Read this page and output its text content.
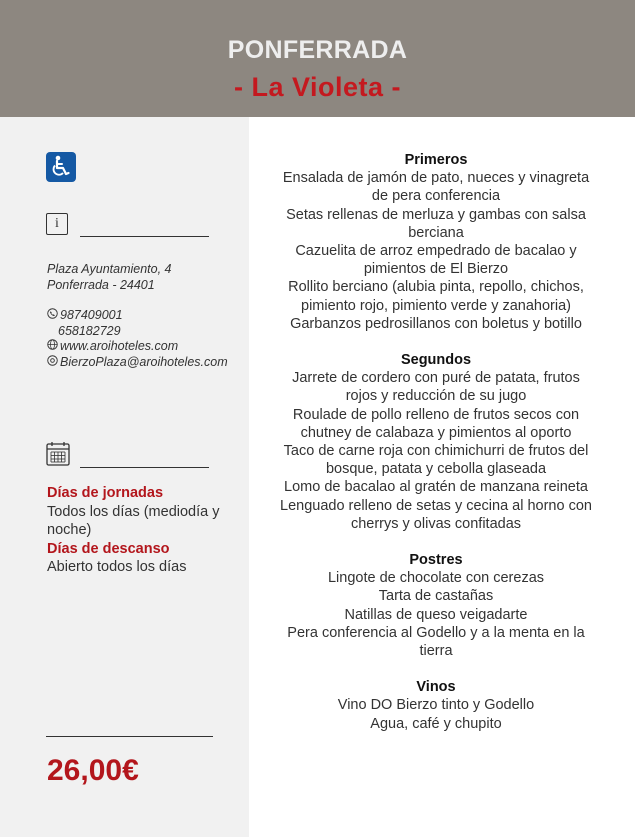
PONFERRADA
- La Violeta -
i
Plaza Ayuntamiento, 4
Ponferrada - 24401
987409001
658182729
www.aroihoteles.com
BierzoPlaza@aroihoteles.com
Días de jornadas
Todos los días (mediodía y noche)
Días de descanso
Abierto todos los días
26,00€
Primeros
Ensalada de jamón de pato, nueces y vinagreta de pera conferencia
Setas rellenas de merluza y gambas con salsa berciana
Cazuelita de arroz empedrado de bacalao y pimientos de El Bierzo
Rollito berciano (alubia pinta, repollo, chichos, pimiento rojo, pimiento verde y zanahoria)
Garbanzos pedrosillanos con boletus y botillo
Segundos
Jarrete de cordero con puré de patata, frutos rojos y reducción de su jugo
Roulade de pollo relleno de frutos secos con chutney de calabaza y pimientos al oporto
Taco de carne roja con chimichurri de frutos del bosque, patata y cebolla glaseada
Lomo de bacalao al gratén de manzana reineta
Lenguado relleno de setas y cecina al horno con cherrys y olivas confitadas
Postres
Lingote de chocolate con cerezas
Tarta de castañas
Natillas de queso veigadarte
Pera conferencia al Godello y a la menta en la tierra
Vinos
Vino DO Bierzo tinto y Godello
Agua, café y chupito
